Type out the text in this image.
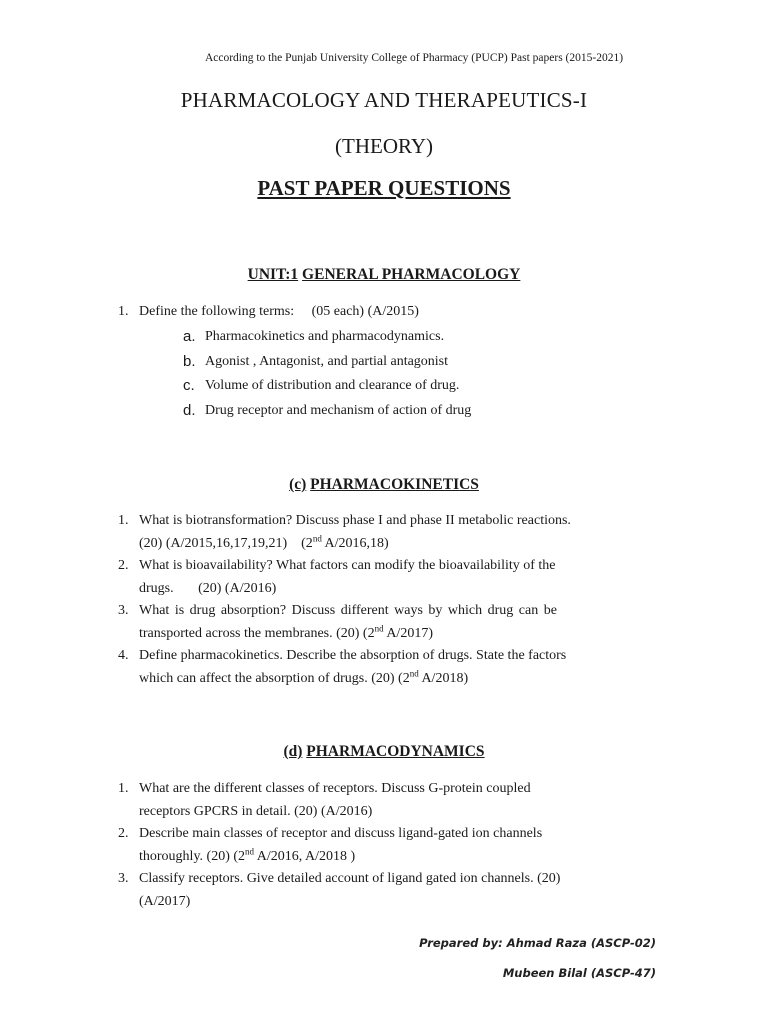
According to the Punjab University College of Pharmacy (PUCP) Past papers (2015-2021)
PHARMACOLOGY AND THERAPEUTICS-I
(THEORY)
PAST PAPER QUESTIONS
UNIT:1 GENERAL PHARMACOLOGY
1. Define the following terms:     (05 each) (A/2015)
a. Pharmacokinetics and pharmacodynamics.
b. Agonist , Antagonist, and partial antagonist
c. Volume of distribution and clearance of drug.
d. Drug receptor and mechanism of action of drug
(c) PHARMACOKINETICS
1. What is biotransformation? Discuss phase I and phase II metabolic reactions.
(20) (A/2015,16,17,19,21)    (2nd A/2016,18)
2. What is bioavailability? What factors can modify the bioavailability of the
drugs.       (20) (A/2016)
3. What is drug absorption? Discuss different ways by which drug can be
transported across the membranes. (20) (2nd A/2017)
4. Define pharmacokinetics. Describe the absorption of drugs. State the factors
which can affect the absorption of drugs. (20) (2nd A/2018)
(d) PHARMACODYNAMICS
1. What are the different classes of receptors. Discuss G-protein coupled
receptors GPCRS in detail. (20) (A/2016)
2. Describe main classes of receptor and discuss ligand-gated ion channels
thoroughly. (20) (2nd A/2016, A/2018 )
3. Classify receptors. Give detailed account of ligand gated ion channels. (20)
(A/2017)
Prepared by: Ahmad Raza (ASCP-02)
Mubeen Bilal (ASCP-47)
